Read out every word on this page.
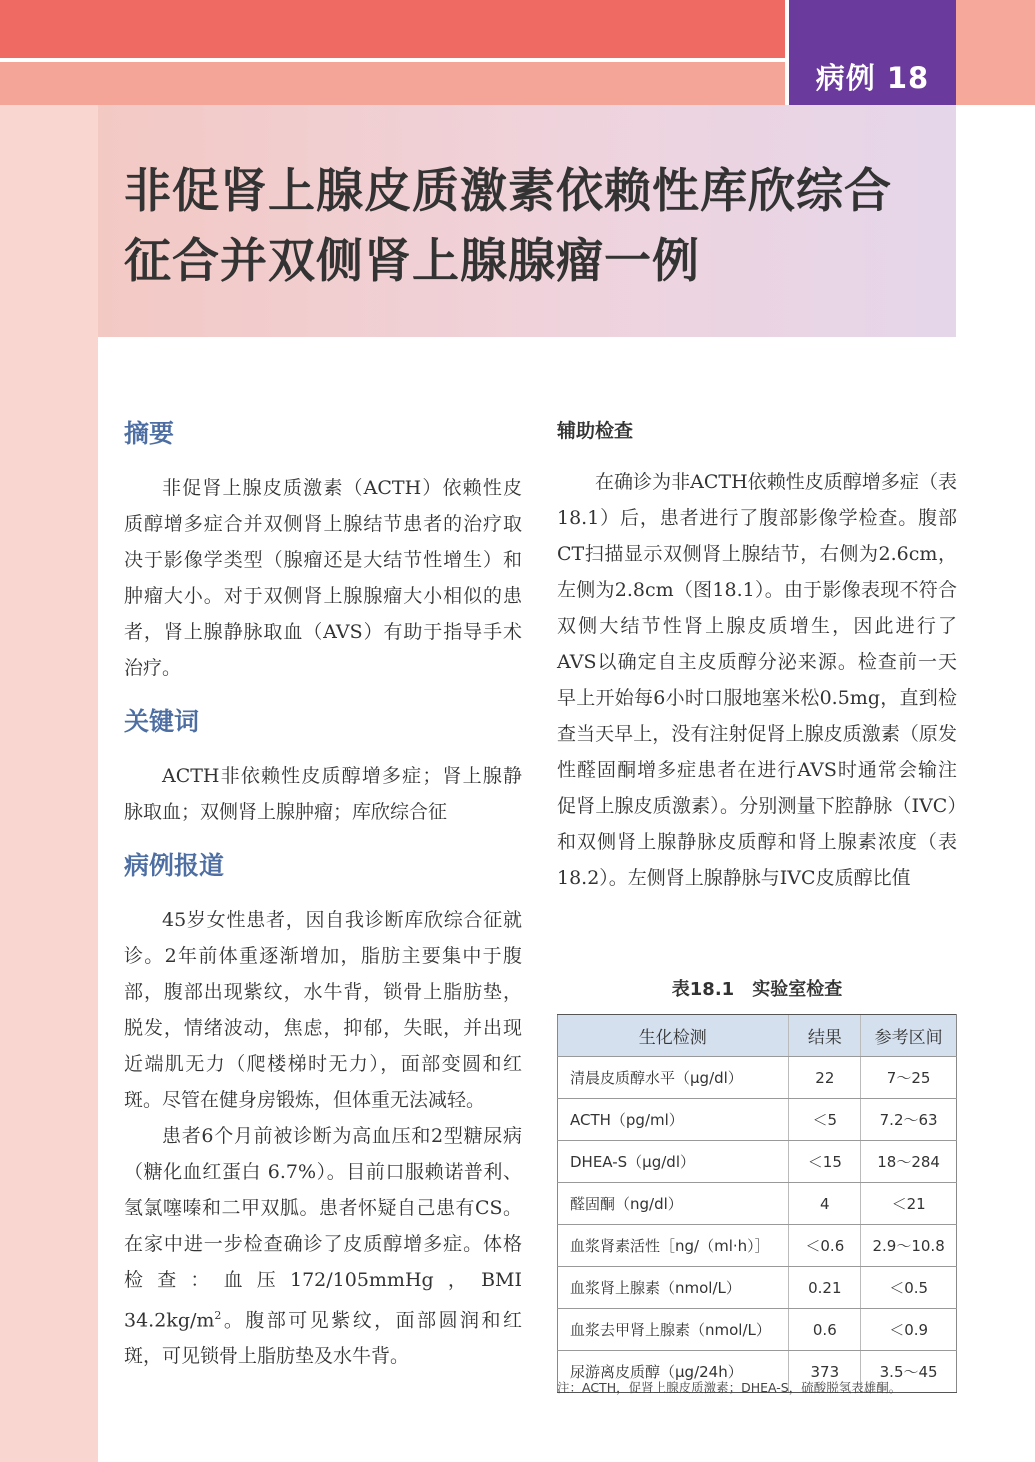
病例 18
非促肾上腺皮质激素依赖性库欣综合
征合并双侧肾上腺腺瘤一例
摘要

非促肾上腺皮质激素（ACTH）依赖性皮质醇增多症合并双侧肾上腺结节患者的治疗取决于影像学类型（腺瘤还是大结节性增生）和肿瘤大小。对于双侧肾上腺腺瘤大小相似的患者，肾上腺静脉取血（AVS）有助于指导手术治疗。

关键词

ACTH非依赖性皮质醇增多症；肾上腺静脉取血；双侧肾上腺肿瘤；库欣综合征

病例报道

45岁女性患者，因自我诊断库欣综合征就诊。2年前体重逐渐增加，脂肪主要集中于腹部，腹部出现紫纹，水牛背，锁骨上脂肪垫，脱发，情绪波动，焦虑，抑郁，失眠，并出现近端肌无力（爬楼梯时无力），面部变圆和红斑。尽管在健身房锻炼，但体重无法减轻。

患者6个月前被诊断为高血压和2型糖尿病（糖化血红蛋白 6.7%）。目前口服赖诺普利、氢氯噻嗪和二甲双胍。患者怀疑自己患有CS。在家中进一步检查确诊了皮质醇增多症。体格检查：血压172/105mmHg，BMI $34.2kg/m^2$。腹部可见紫纹，面部圆润和红斑，可见锁骨上脂肪垫及水牛背。

辅助检查

在确诊为非ACTH依赖性皮质醇增多症（表18.1）后，患者进行了腹部影像学检查。腹部CT扫描显示双侧肾上腺结节，右侧为2.6cm，左侧为2.8cm（图18.1）。由于影像表现不符合双侧大结节性肾上腺皮质增生，因此进行了AVS以确定自主皮质醇分泌来源。检查前一天早上开始每6小时口服地塞米松0.5mg，直到检查当天早上，没有注射促肾上腺皮质激素（原发性醛固酮增多症患者在进行AVS时通常会输注促肾上腺皮质激素）。分别测量下腔静脉（IVC）和双侧肾上腺静脉皮质醇和肾上腺素浓度（表18.2）。左侧肾上腺静脉与IVC皮质醇比值

表18.1　实验室检查
生化检测	结果	参考区间
清晨皮质醇水平（μg/dl）	22	7～25
ACTH（pg/ml）	＜5	7.2～63
DHEA-S（μg/dl）	＜15	18～284
醛固酮（ng/dl）	4	＜21
血浆肾素活性［ng/（ml·h）］	＜0.6	2.9～10.8
血浆肾上腺素（nmol/L）	0.21	＜0.5
血浆去甲肾上腺素（nmol/L）	0.6	＜0.9
尿游离皮质醇（μg/24h）	373	3.5～45
注：ACTH，促肾上腺皮质激素；DHEA-S，硫酸脱氢表雄酮。
